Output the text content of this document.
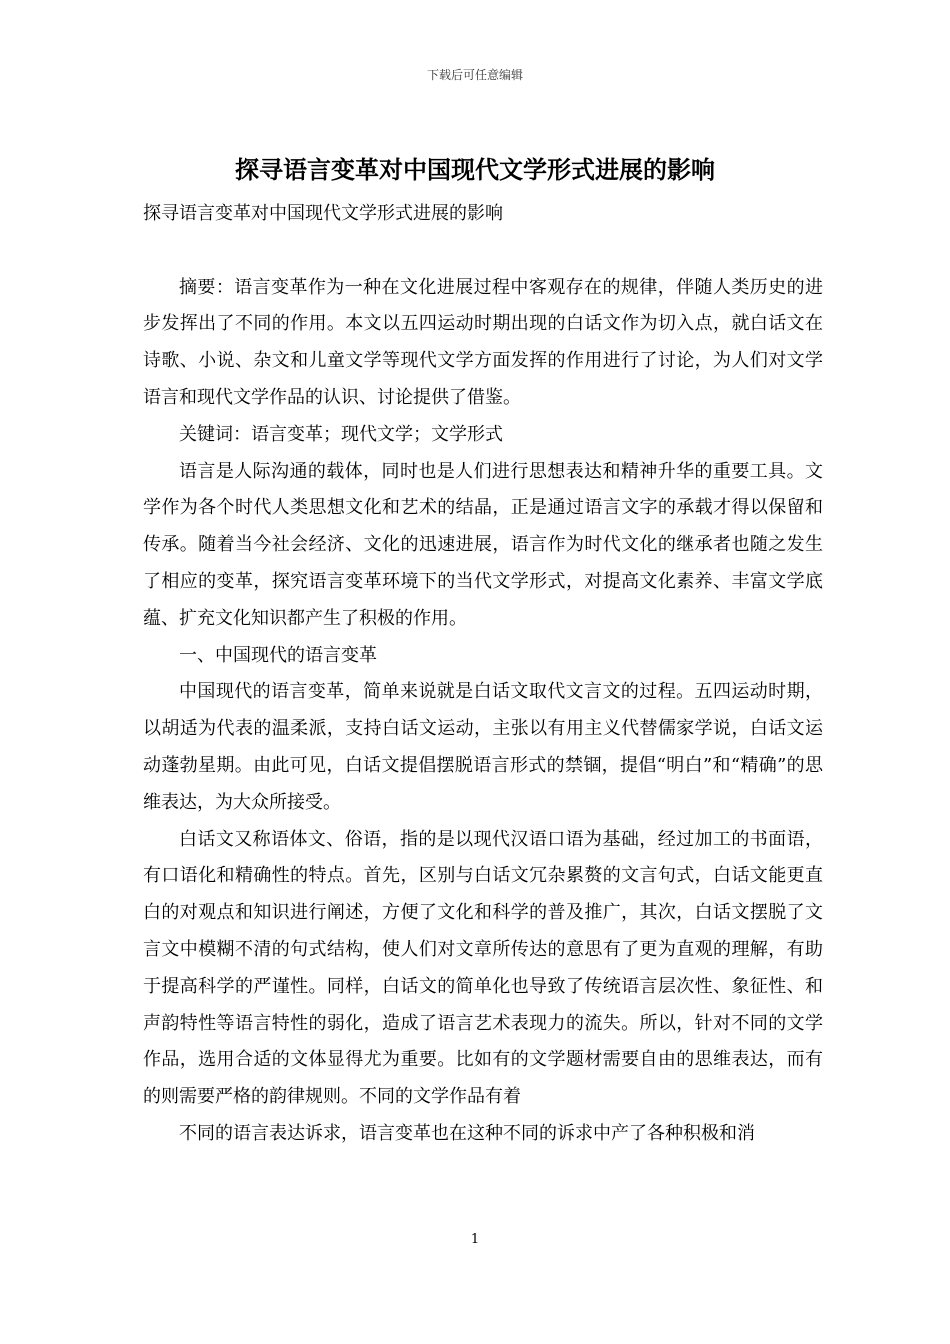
下载后可任意编辑
探寻语言变革对中国现代文学形式进展的影响

探寻语言变革对中国现代文学形式进展的影响

摘要：语言变革作为一种在文化进展过程中客观存在的规律，伴随人类历史的进步发挥出了不同的作用。本文以五四运动时期出现的白话文作为切入点，就白话文在诗歌、小说、杂文和儿童文学等现代文学方面发挥的作用进行了讨论，为人们对文学语言和现代文学作品的认识、讨论提供了借鉴。

关键词：语言变革；现代文学；文学形式

语言是人际沟通的载体，同时也是人们进行思想表达和精神升华的重要工具。文学作为各个时代人类思想文化和艺术的结晶，正是通过语言文字的承载才得以保留和传承。随着当今社会经济、文化的迅速进展，语言作为时代文化的继承者也随之发生了相应的变革，探究语言变革环境下的当代文学形式，对提高文化素养、丰富文学底蕴、扩充文化知识都产生了积极的作用。

一、中国现代的语言变革

中国现代的语言变革，简单来说就是白话文取代文言文的过程。五四运动时期，以胡适为代表的温柔派，支持白话文运动，主张以有用主义代替儒家学说，白话文运动蓬勃星期。由此可见，白话文提倡摆脱语言形式的禁锢，提倡“明白”和“精确”的思维表达，为大众所接受。

白话文又称语体文、俗语，指的是以现代汉语口语为基础，经过加工的书面语，有口语化和精确性的特点。首先，区别与白话文冗杂累赘的文言句式，白话文能更直白的对观点和知识进行阐述，方便了文化和科学的普及推广，其次，白话文摆脱了文言文中模糊不清的句式结构，使人们对文章所传达的意思有了更为直观的理解，有助于提高科学的严谨性。同样，白话文的简单化也导致了传统语言层次性、象征性、和声韵特性等语言特性的弱化，造成了语言艺术表现力的流失。所以，针对不同的文学作品，选用合适的文体显得尤为重要。比如有的文学题材需要自由的思维表达，而有的则需要严格的韵律规则。不同的文学作品有着

不同的语言表达诉求，语言变革也在这种不同的诉求中产了各种积极和消

1
